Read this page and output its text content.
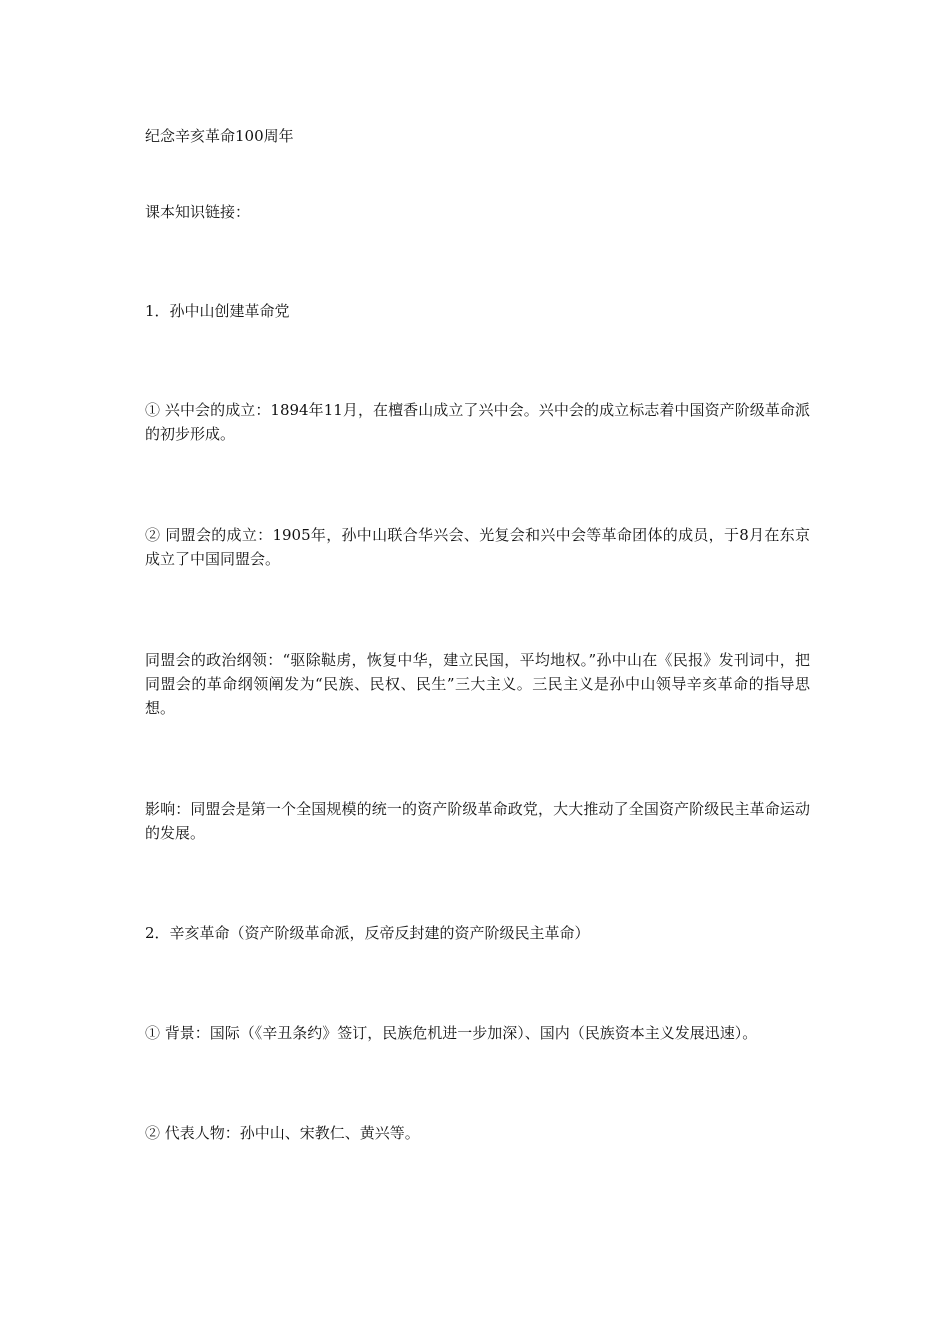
纪念辛亥革命100周年

课本知识链接：

1．孙中山创建革命党

① 兴中会的成立：1894年11月，在檀香山成立了兴中会。兴中会的成立标志着中国资产阶级革命派的初步形成。

② 同盟会的成立：1905年，孙中山联合华兴会、光复会和兴中会等革命团体的成员，于8月在东京成立了中国同盟会。

同盟会的政治纲领：“驱除鞑虏，恢复中华，建立民国，平均地权。”孙中山在《民报》发刊词中，把同盟会的革命纲领阐发为“民族、民权、民生”三大主义。三民主义是孙中山领导辛亥革命的指导思想。

影响：同盟会是第一个全国规模的统一的资产阶级革命政党，大大推动了全国资产阶级民主革命运动的发展。

2．辛亥革命（资产阶级革命派，反帝反封建的资产阶级民主革命）

① 背景：国际（《辛丑条约》签订，民族危机进一步加深）、国内（民族资本主义发展迅速）。

② 代表人物：孙中山、宋教仁、黄兴等。
